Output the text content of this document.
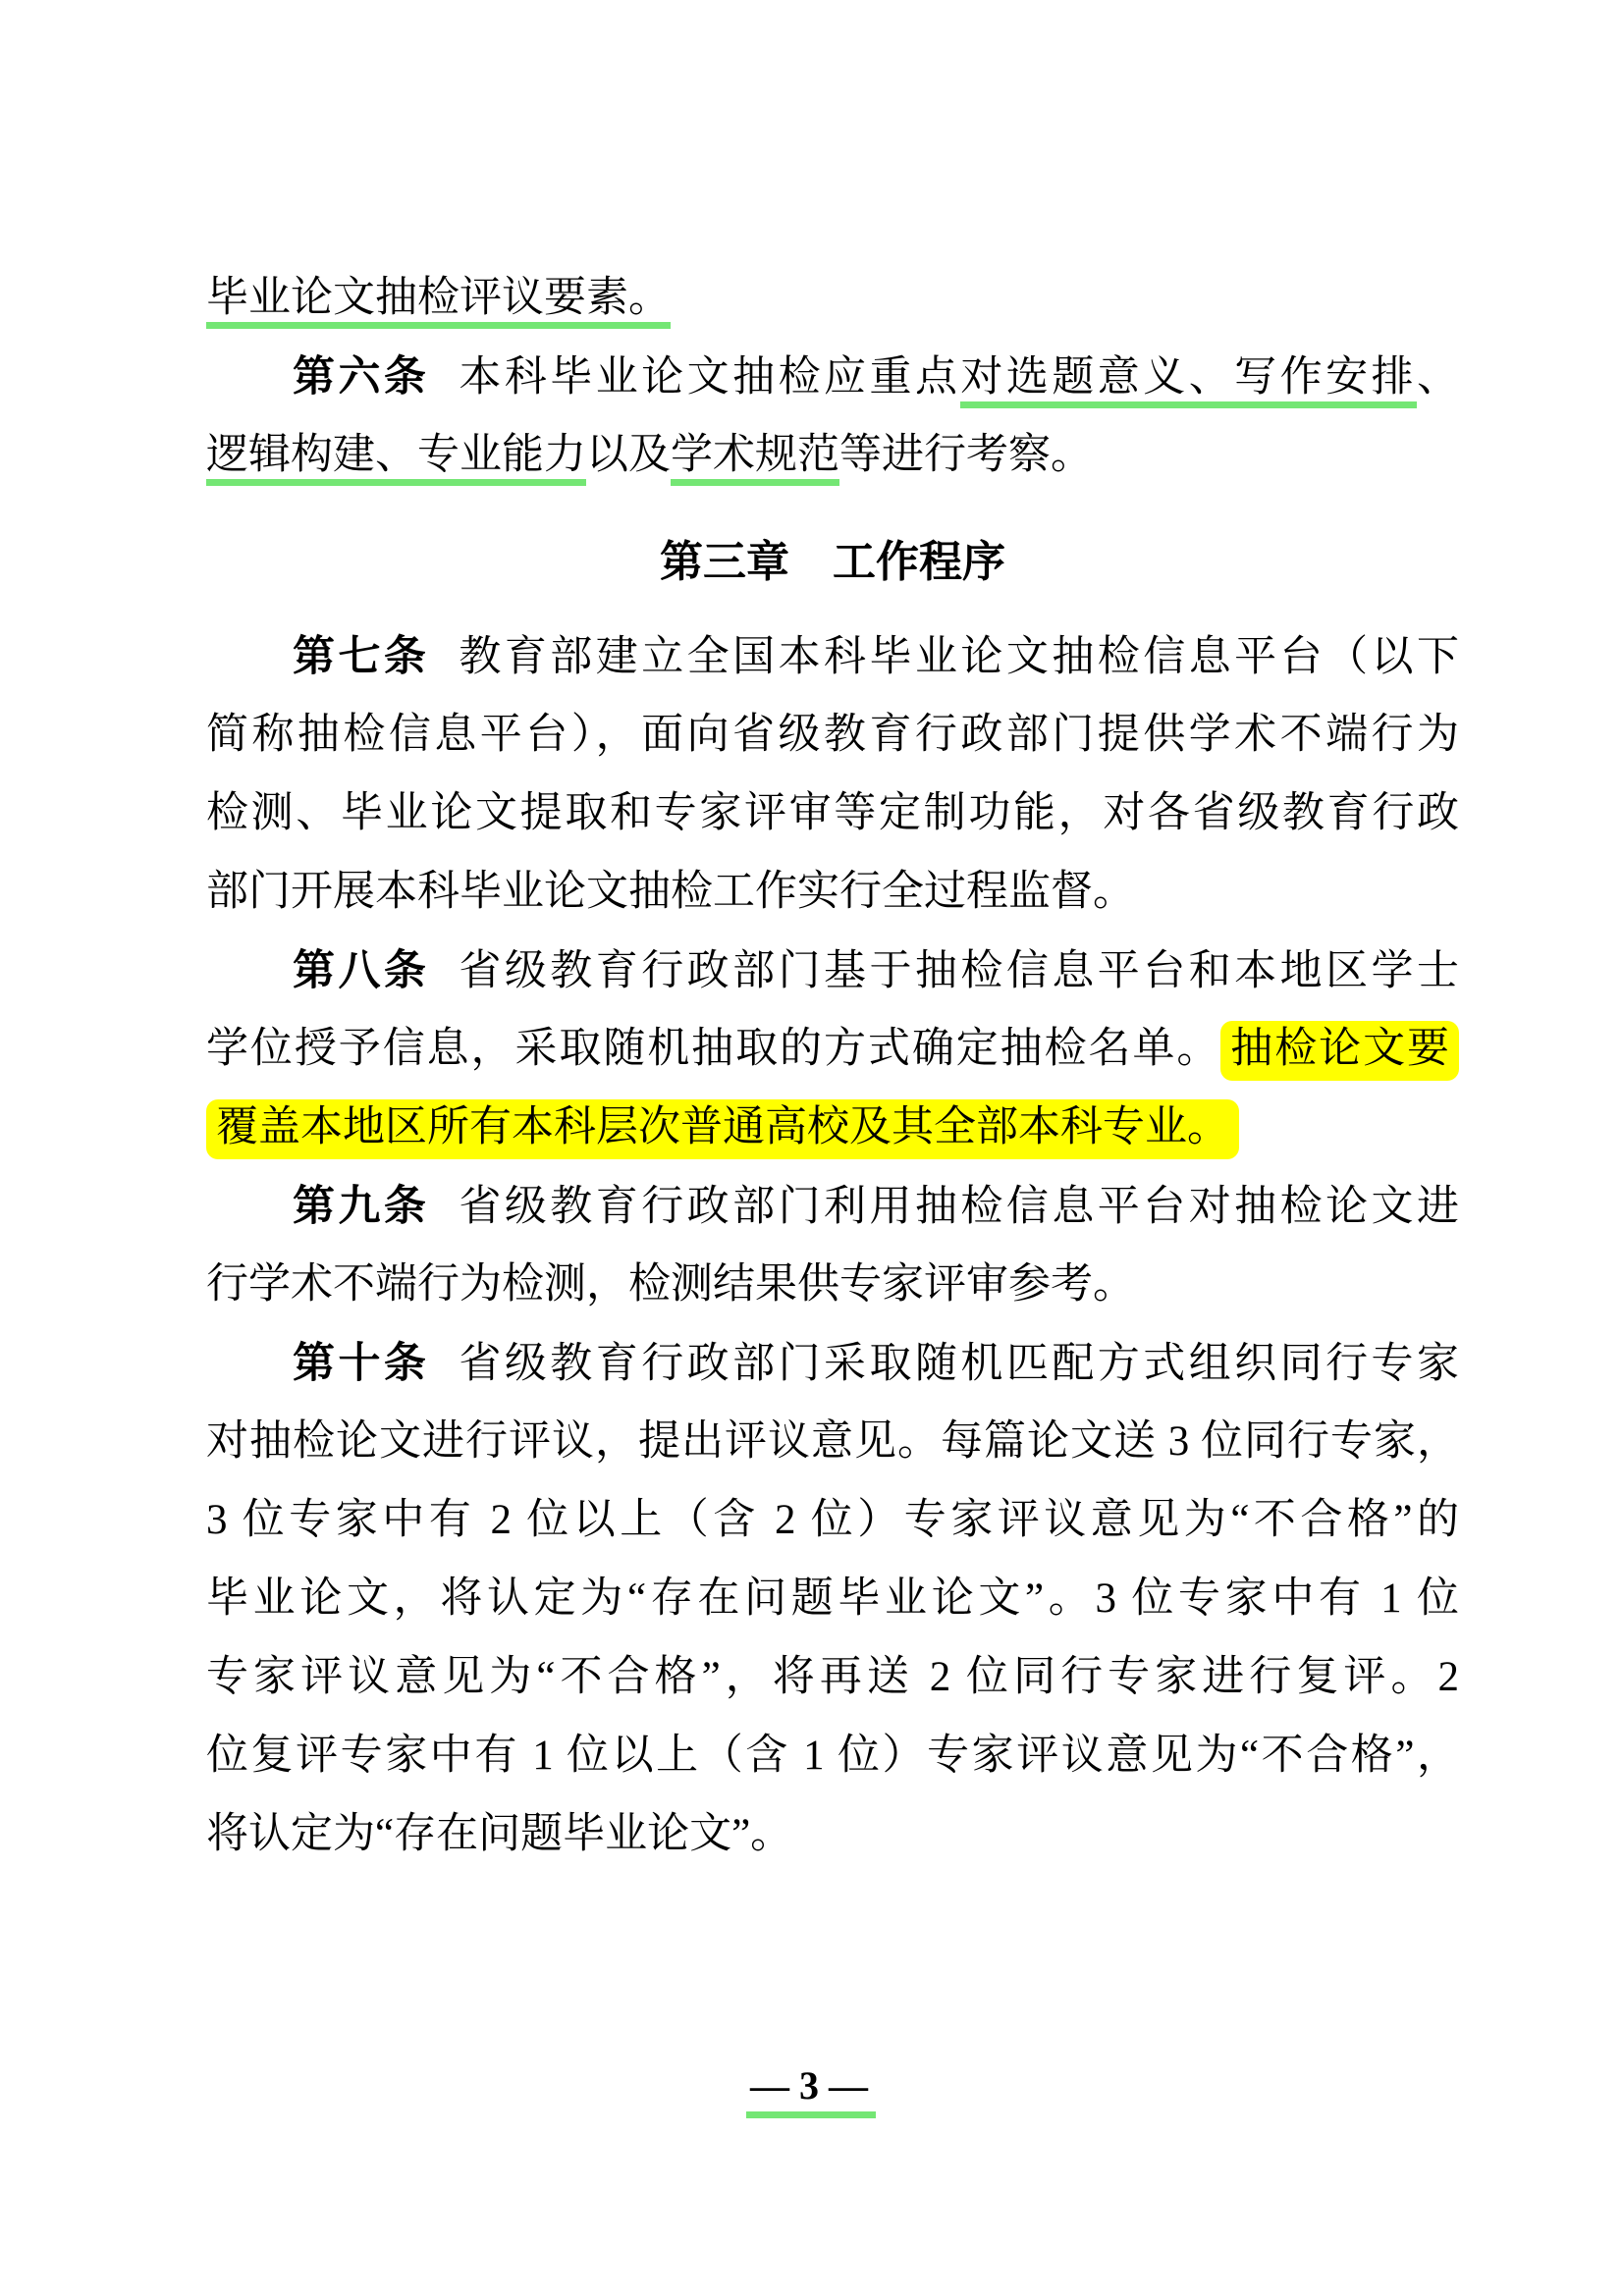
毕业论文抽检评议要素。
第六条 本科毕业论文抽检应重点对选题意义、写作安排、
逻辑构建、专业能力以及学术规范等进行考察。
第三章　工作程序
第七条 教育部建立全国本科毕业论文抽检信息平台（以下
简称抽检信息平台），面向省级教育行政部门提供学术不端行为
检测、毕业论文提取和专家评审等定制功能，对各省级教育行政
部门开展本科毕业论文抽检工作实行全过程监督。
第八条 省级教育行政部门基于抽检信息平台和本地区学士
学位授予信息，采取随机抽取的方式确定抽检名单。 抽检论文要
覆盖本地区所有本科层次普通高校及其全部本科专业。
第九条 省级教育行政部门利用抽检信息平台对抽检论文进
行学术不端行为检测，检测结果供专家评审参考。
第十条 省级教育行政部门采取随机匹配方式组织同行专家
对抽检论文进行评议，提出评议意见。每篇论文送 3 位同行专家，
3 位专家中有 2 位以上（含 2 位）专家评议意见为“不合格”的
毕业论文，将认定为“存在问题毕业论文”。3 位专家中有 1 位
专家评议意见为“不合格”，将再送 2 位同行专家进行复评。2
位复评专家中有 1 位以上（含 1 位）专家评议意见为“不合格”，
将认定为“存在问题毕业论文”。
— 3 —
